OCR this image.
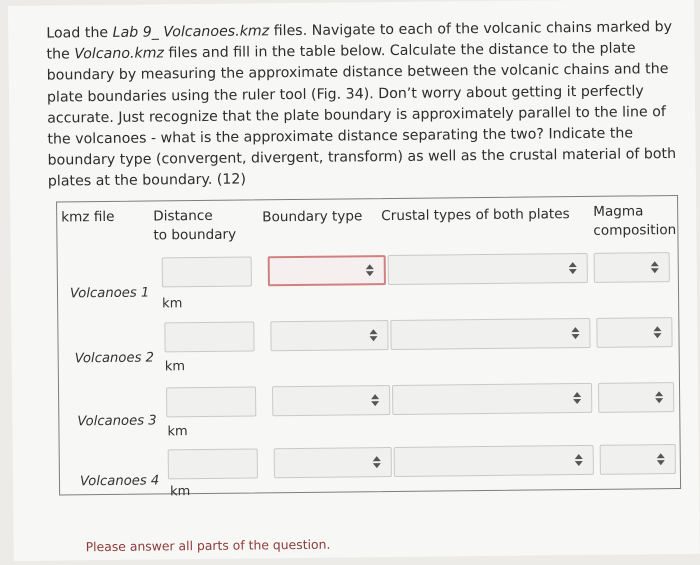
Load the Lab 9_ Volcanoes.kmz files. Navigate to each of the volcanic chains marked by the Volcano.kmz files and fill in the table below. Calculate the distance to the plate boundary by measuring the approximate distance between the volcanic chains and the plate boundaries using the ruler tool (Fig. 34). Don’t worry about getting it perfectly accurate. Just recognize that the plate boundary is approximately parallel to the line of the volcanoes - what is the approximate distance separating the two? Indicate the boundary type (convergent, divergent, transform) as well as the crustal material of both plates at the boundary. (12)
kmz file	Distance
to boundary
Boundary type Crustal types of both plates Magma
composition
Volcanoes 1
km
Volcanoes 2
km
Volcanoes 3
km
Volcanoes 4
km
Please answer all parts of the question.
